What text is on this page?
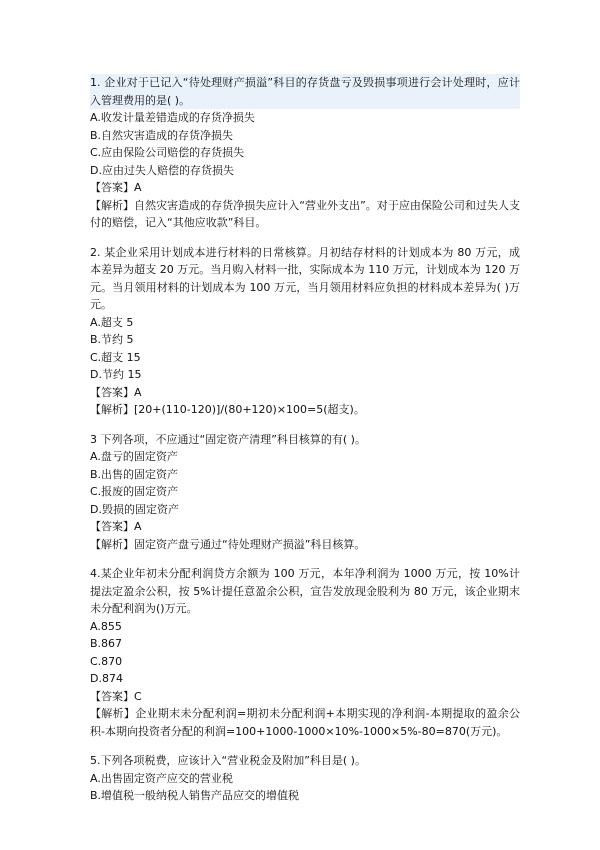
1. 企业对于已记入“待处理财产损溢”科目的存货盘亏及毁损事项进行会计处理时，应计入管理费用的是( )。
A.收发计量差错造成的存货净损失
B.自然灾害造成的存货净损失
C.应由保险公司赔偿的存货损失
D.应由过失人赔偿的存货损失
【答案】A
【解析】自然灾害造成的存货净损失应计入“营业外支出”。对于应由保险公司和过失人支付的赔偿，记入“其他应收款”科目。
2. 某企业采用计划成本进行材料的日常核算。月初结存材料的计划成本为 80 万元，成本差异为超支 20 万元。当月购入材料一批，实际成本为 110 万元，计划成本为 120 万元。当月领用材料的计划成本为 100 万元，当月领用材料应负担的材料成本差异为( )万元。
A.超支 5
B.节约 5
C.超支 15
D.节约 15
【答案】A
【解析】[20+(110-120)]/(80+120)×100=5(超支)。
3 下列各项，不应通过“固定资产清理”科目核算的有( )。
A.盘亏的固定资产
B.出售的固定资产
C.报废的固定资产
D.毁损的固定资产
【答案】A
【解析】固定资产盘亏通过“待处理财产损溢”科目核算。
4.某企业年初未分配利润贷方余额为 100 万元，本年净利润为 1000 万元，按 10%计提法定盈余公积，按 5%计提任意盈余公积，宣告发放现金股利为 80 万元，该企业期末未分配利润为()万元。
A.855
B.867
C.870
D.874
【答案】C
【解析】企业期末未分配利润=期初未分配利润+本期实现的净利润-本期提取的盈余公积-本期向投资者分配的利润=100+1000-1000×10%-1000×5%-80=870(万元)。
5.下列各项税费，应该计入“营业税金及附加”科目是( )。
A.出售固定资产应交的营业税
B.增值税一般纳税人销售产品应交的增值税
